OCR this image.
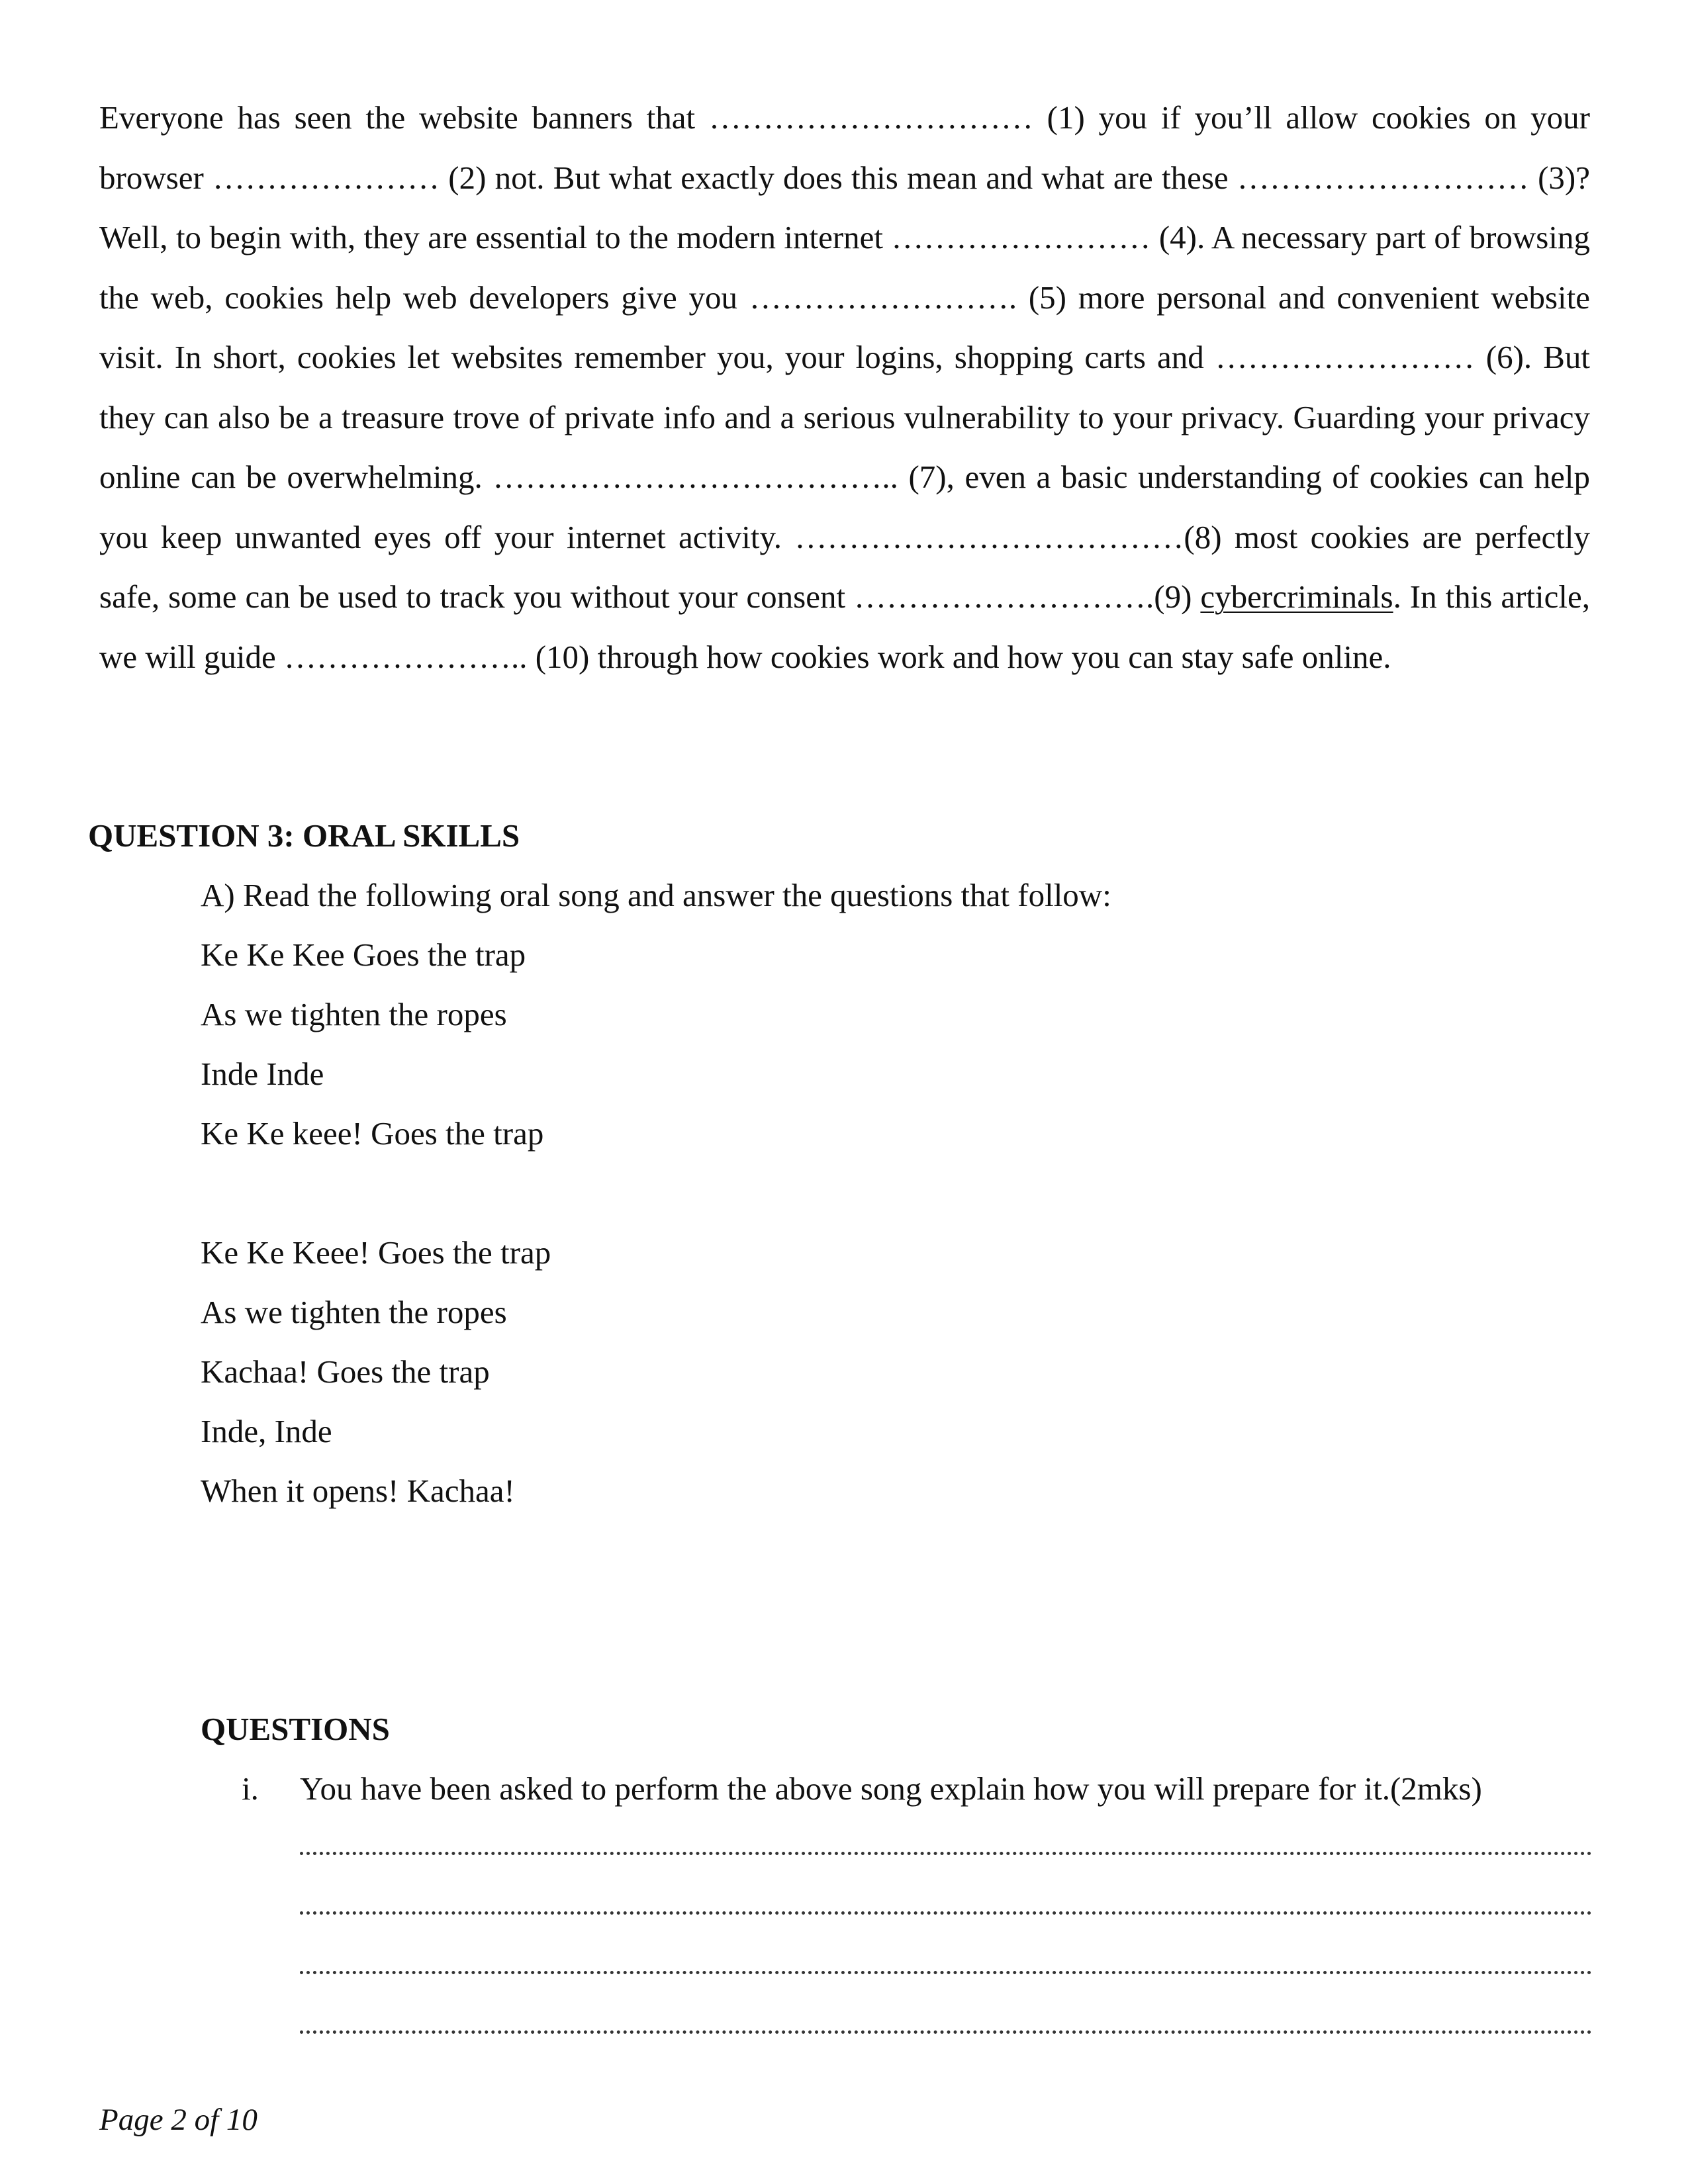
Everyone has seen the website banners that ………………………… (1) you if you’ll allow cookies on your browser ………………… (2) not. But what exactly does this mean and what are these ……………………… (3)? Well, to begin with, they are essential to the modern internet …………………… (4). A necessary part of browsing the web, cookies help web developers give you ……………………. (5) more personal and convenient website visit. In short, cookies let websites remember you, your logins, shopping carts and …………………… (6). But they can also be a treasure trove of private info and a serious vulnerability to your privacy. Guarding your privacy online can be overwhelming. ……………………………….. (7), even a basic understanding of cookies can help you keep unwanted eyes off your internet activity. ………………………………(8) most cookies are perfectly safe, some can be used to track you without your consent ……………………….(9) cybercriminals. In this article, we will guide ………………….. (10) through how cookies work and how you can stay safe online.

QUESTION 3: ORAL SKILLS
A) Read the following oral song and answer the questions that follow:
Ke Ke Kee Goes the trap
As we tighten the ropes
Inde Inde
Ke Ke keee! Goes the trap
Ke Ke Keee! Goes the trap
As we tighten the ropes
Kachaa! Goes the trap
Inde, Inde
When it opens! Kachaa!
QUESTIONS
i. You have been asked to perform the above song explain how you will prepare for it.(2mks)
Page 2 of 10
